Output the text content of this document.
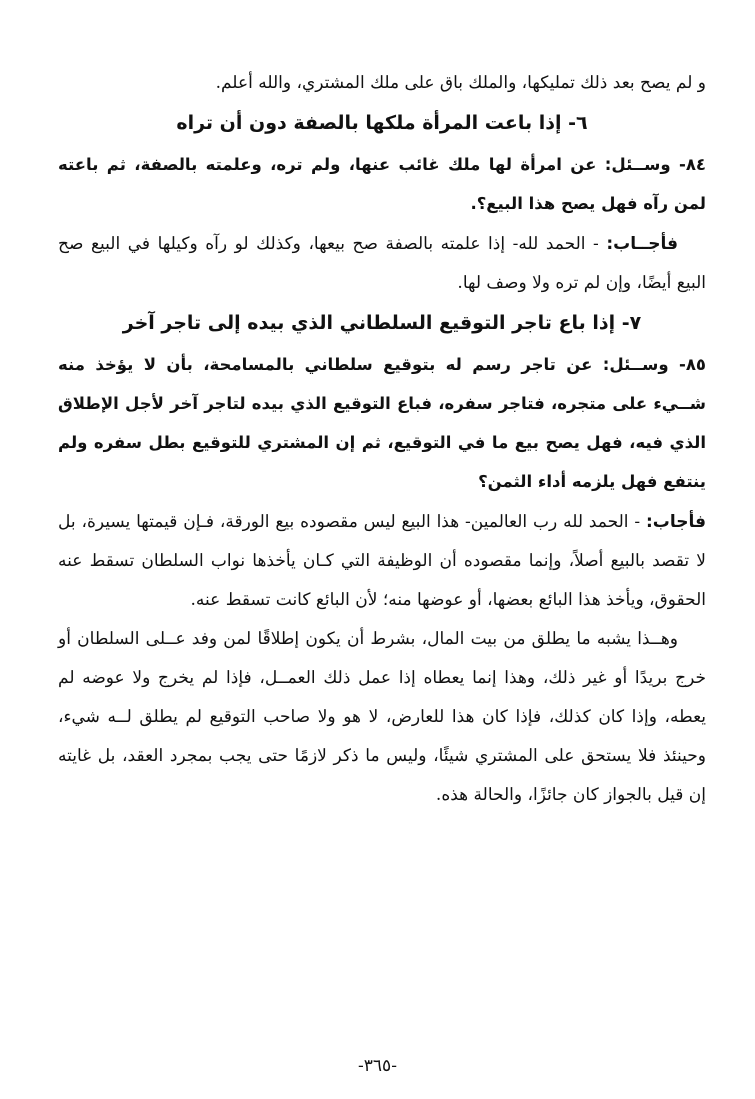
و لم يصح بعد ذلك تمليكها، والملك باق على ملك المشتري، والله أعلم.

٦- إذا باعت المرأة ملكها بالصفة دون أن تراه

٨٤- وســئل: عن امرأة لها ملك غائب عنها، ولم تره، وعلمته بالصفة، ثم باعته لمن رآه فهل يصح هذا البيع؟.

فأجــاب: - الحمد لله- إذا علمته بالصفة صح بيعها، وكذلك لو رآه وكيلها في البيع صح البيع أيضًا، وإن لم تره ولا وصف لها.

٧- إذا باع تاجر التوقيع السلطاني الذي بيده إلى تاجر آخر

٨٥- وســئل: عن تاجر رسم له بتوقيع سلطاني بالمسامحة، بأن لا يؤخذ منه شــيء على متجره، فتاجر سفره، فباع التوقيع الذي بيده لتاجر آخر لأجل الإطلاق الذي فيه، فهل يصح بيع ما في التوقيع، ثم إن المشتري للتوقيع بطل سفره ولم ينتفع فهل يلزمه أداء الثمن؟

فأجاب: - الحمد لله رب العالمين- هذا البيع ليس مقصوده بيع الورقة، فـإن قيمتها يسيرة، بل لا تقصد بالبيع أصلاً، وإنما مقصوده أن الوظيفة التي كـان يأخذها نواب السلطان تسقط عنه الحقوق، ويأخذ هذا البائع بعضها، أو عوضها منه؛ لأن البائع كانت تسقط عنه.

وهــذا يشبه ما يطلق من بيت المال، بشرط أن يكون إطلاقًا لمن وفد عــلى السلطان أو خرج بريدًا أو غير ذلك، وهذا إنما يعطاه إذا عمل ذلك العمــل، فإذا لم يخرج ولا عوضه لم يعطه، وإذا كان كذلك، فإذا كان هذا للعارض، لا هو ولا صاحب التوقيع لم يطلق لــه شيء، وحينئذ فلا يستحق على المشتري شيئًا، وليس ما ذكر لازمًا حتى يجب بمجرد العقد، بل غايته إن قيل بالجواز كان جائزًا، والحالة هذه.

-٣٦٥-
